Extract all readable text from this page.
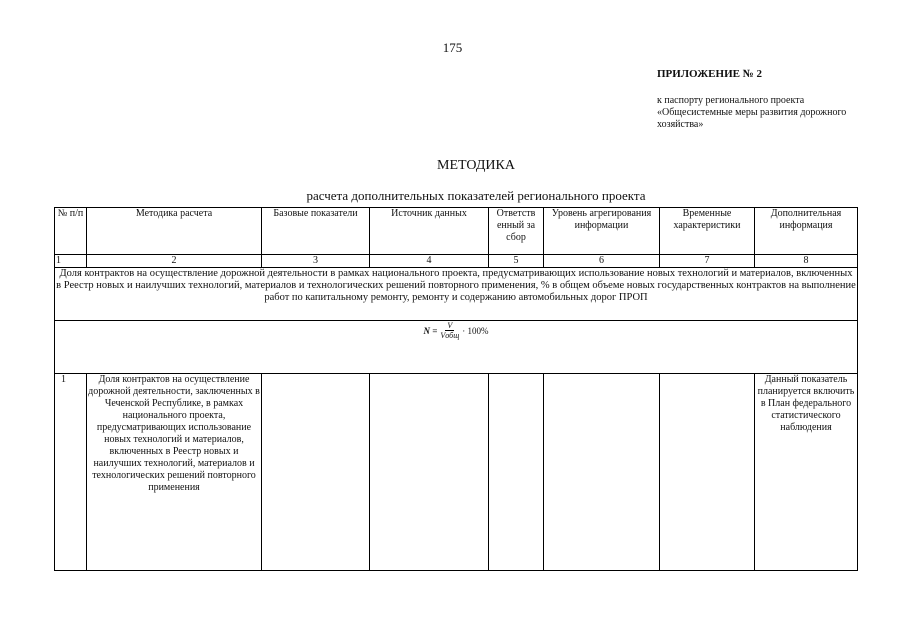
175
ПРИЛОЖЕНИЕ № 2
к паспорту регионального проекта «Общесистемные меры развития дорожного хозяйства»
МЕТОДИКА
расчета дополнительных показателей регионального проекта
№ п/п	Методика расчета	Базовые показатели	Источник данных	Ответств енный за сбор	Уровень агрегирования информации	Временные характеристики	Дополнительная информация
1	2	3	4	5	6	7	8

Доля контрактов на осуществление дорожной деятельности в рамках национального проекта, предусматривающих использование новых технологий и материалов, включенных в Реестр новых и наилучших технологий, материалов и технологических решений повторного применения, % в общем объеме новых государственных контрактов на выполнение работ по капитальному ремонту, ремонту и содержанию автомобильных дорог ПРОП							

$N = \frac{V}{\text{Vобщ}} \cdot 100\%$							

1	Доля контрактов на осуществление дорожной деятельности, заключенных в Чеченской Республике, в рамках национального проекта, предусматривающих использование новых технологий и материалов, включенных в Реестр новых и наилучших технологий, материалов и технологических решений повторного применения						Данный показатель планируется включить в План федерального статистического наблюдения
